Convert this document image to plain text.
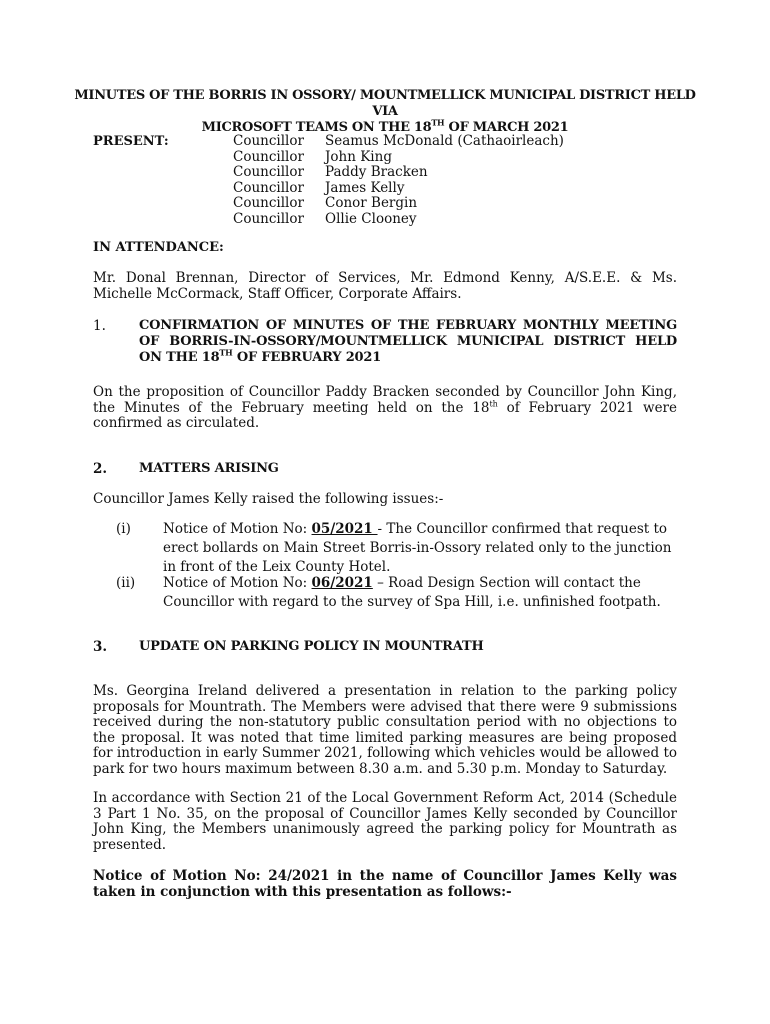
MINUTES OF THE BORRIS IN OSSORY/ MOUNTMELLICK MUNICIPAL DISTRICT HELD VIA
MICROSOFT TEAMS ON THE 18TH OF MARCH 2021
PRESENT:	Councillor Seamus McDonald (Cathaoirleach)
Councillor John King
Councillor Paddy Bracken
Councillor James Kelly
Councillor Conor Bergin
Councillor Ollie Clooney
IN ATTENDANCE:
Mr. Donal Brennan, Director of Services, Mr. Edmond Kenny, A/S.E.E. & Ms. Michelle McCormack, Staff Officer, Corporate Affairs.
1.	CONFIRMATION OF MINUTES OF THE FEBRUARY MONTHLY MEETING OF BORRIS-IN-OSSORY/MOUNTMELLICK MUNICIPAL DISTRICT HELD ON THE 18TH OF FEBRUARY 2021
On the proposition of Councillor Paddy Bracken seconded by Councillor John King, the Minutes of the February meeting held on the 18th of February 2021 were confirmed as circulated.
2. MATTERS ARISING
Councillor James Kelly raised the following issues:-
(i) Notice of Motion No: 05/2021 - The Councillor confirmed that request to erect bollards on Main Street Borris-in-Ossory related only to the junction in front of the Leix County Hotel.
(ii) Notice of Motion No: 06/2021 – Road Design Section will contact the Councillor with regard to the survey of Spa Hill, i.e. unfinished footpath.
3. UPDATE ON PARKING POLICY IN MOUNTRATH
Ms. Georgina Ireland delivered a presentation in relation to the parking policy proposals for Mountrath. The Members were advised that there were 9 submissions received during the non-statutory public consultation period with no objections to the proposal. It was noted that time limited parking measures are being proposed for introduction in early Summer 2021, following which vehicles would be allowed to park for two hours maximum between 8.30 a.m. and 5.30 p.m. Monday to Saturday.
In accordance with Section 21 of the Local Government Reform Act, 2014 (Schedule 3 Part 1 No. 35, on the proposal of Councillor James Kelly seconded by Councillor John King, the Members unanimously agreed the parking policy for Mountrath as presented.
Notice of Motion No: 24/2021 in the name of Councillor James Kelly was taken in conjunction with this presentation as follows:-
